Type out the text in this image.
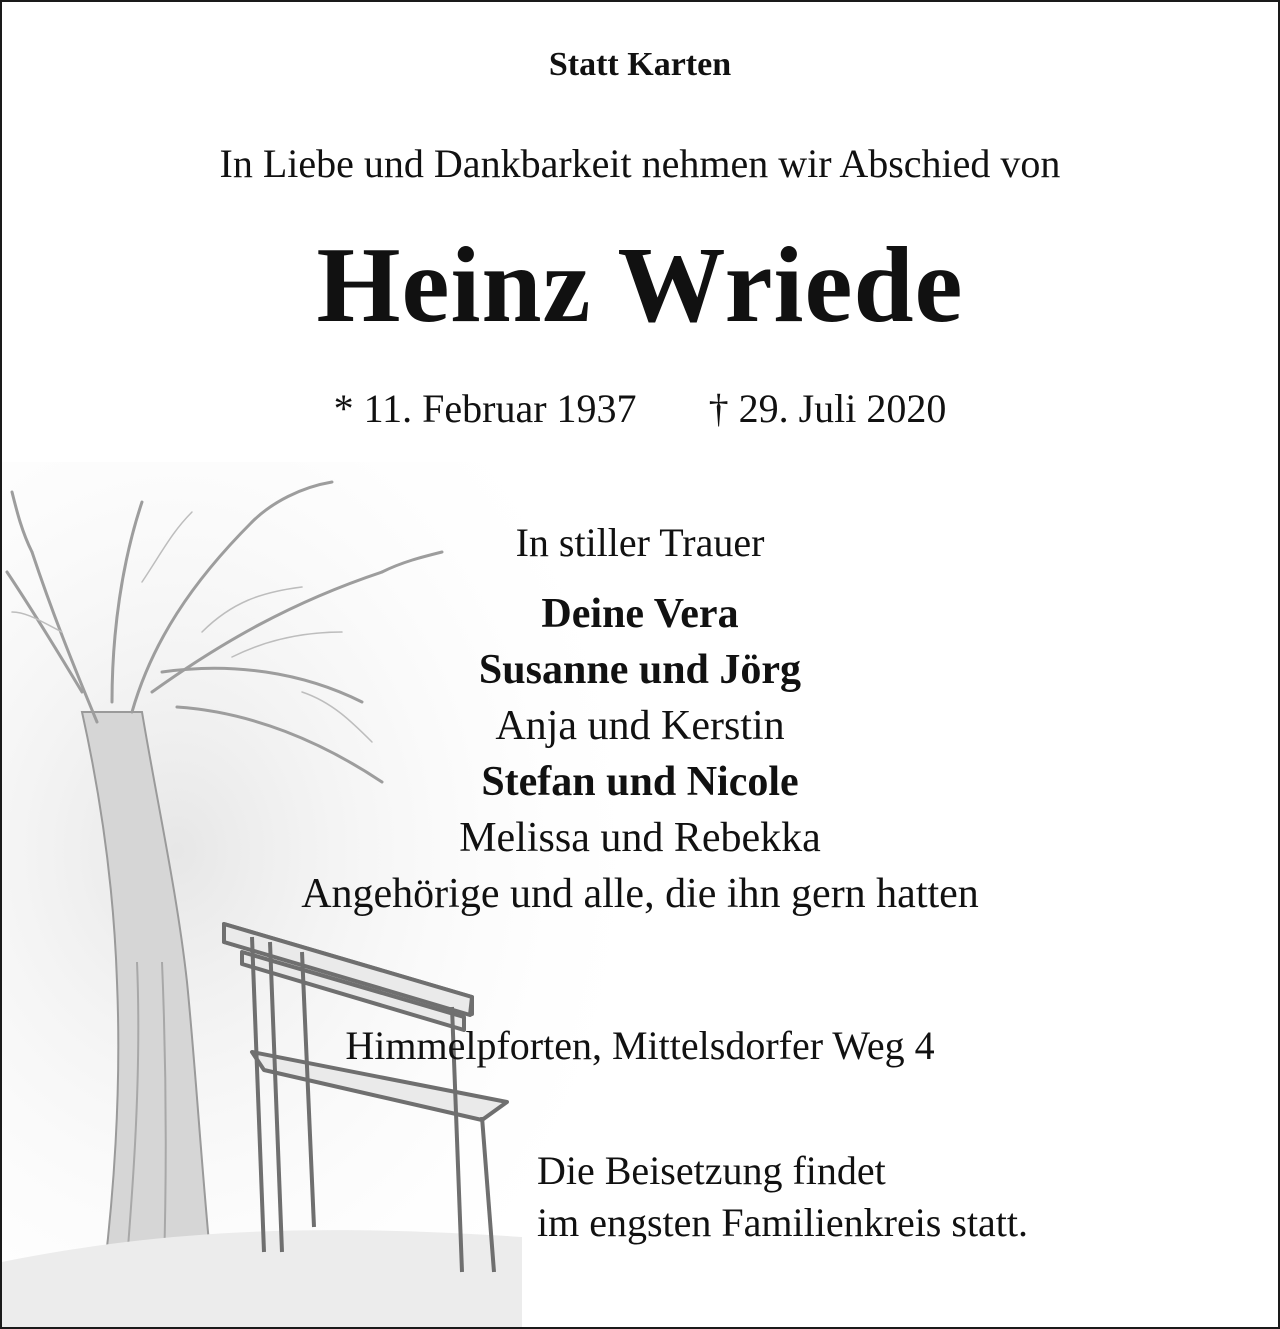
Statt Karten
In Liebe und Dankbarkeit nehmen wir Abschied von
Heinz Wriede
* 11. Februar 1937 † 29. Juli 2020
In stiller Trauer
Deine Vera
Susanne und Jörg
Anja und Kerstin
Stefan und Nicole
Melissa und Rebekka
Angehörige und alle, die ihn gern hatten
Himmelpforten, Mittelsdorfer Weg 4
Die Beisetzung findet
im engsten Familienkreis statt.
